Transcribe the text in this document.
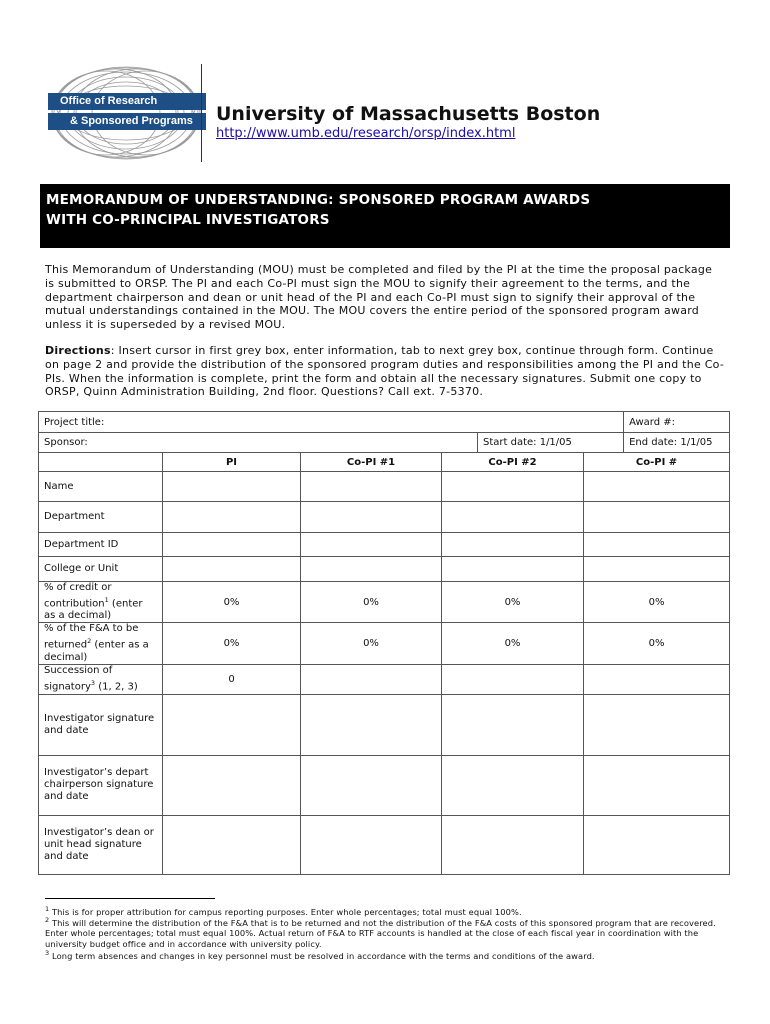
Office of Research
& Sponsored Programs	University of Massachusetts Boston
http://www.umb.edu/research/orsp/index.html
MEMORANDUM OF UNDERSTANDING: SPONSORED PROGRAM AWARDS
WITH CO-PRINCIPAL INVESTIGATORS
This Memorandum of Understanding (MOU) must be completed and filed by the PI at the time the proposal package is submitted to ORSP. The PI and each Co-PI must sign the MOU to signify their agreement to the terms, and the department chairperson and dean or unit head of the PI and each Co-PI must sign to signify their approval of the mutual understandings contained in the MOU. The MOU covers the entire period of the sponsored program award unless it is superseded by a revised MOU.
Directions: Insert cursor in first grey box, enter information, tab to next grey box, continue through form. Continue on page 2 and provide the distribution of the sponsored program duties and responsibilities among the PI and the Co-PIs. When the information is complete, print the form and obtain all the necessary signatures. Submit one copy to ORSP, Quinn Administration Building, 2nd floor. Questions? Call ext. 7-5370.
Project title:						Award #:
Sponsor:				Start date: 1/1/05		End date: 1/1/05
	PI	Co-PI #1	Co-PI #2		Co-PI #	
Name						
Department						
Department ID						
College or Unit						
% of credit or contribution$^1$ (enter as a decimal)	0%	0%	0%		0%	
% of the F&A to be returned$^2$ (enter as a decimal)	0%	0%	0%		0%	
Succession of signatory$^3$ (1, 2, 3)	0					
Investigator signature and date						
Investigator’s depart chairperson signature and date						
Investigator’s dean or unit head signature and date						
$^1$ This is for proper attribution for campus reporting purposes. Enter whole percentages; total must equal 100%.
$^2$ This will determine the distribution of the F&A that is to be returned and not the distribution of the F&A costs of this sponsored program that are recovered. Enter whole percentages; total must equal 100%. Actual return of F&A to RTF accounts is handled at the close of each fiscal year in coordination with the university budget office and in accordance with university policy.
$^3$ Long term absences and changes in key personnel must be resolved in accordance with the terms and conditions of the award.
